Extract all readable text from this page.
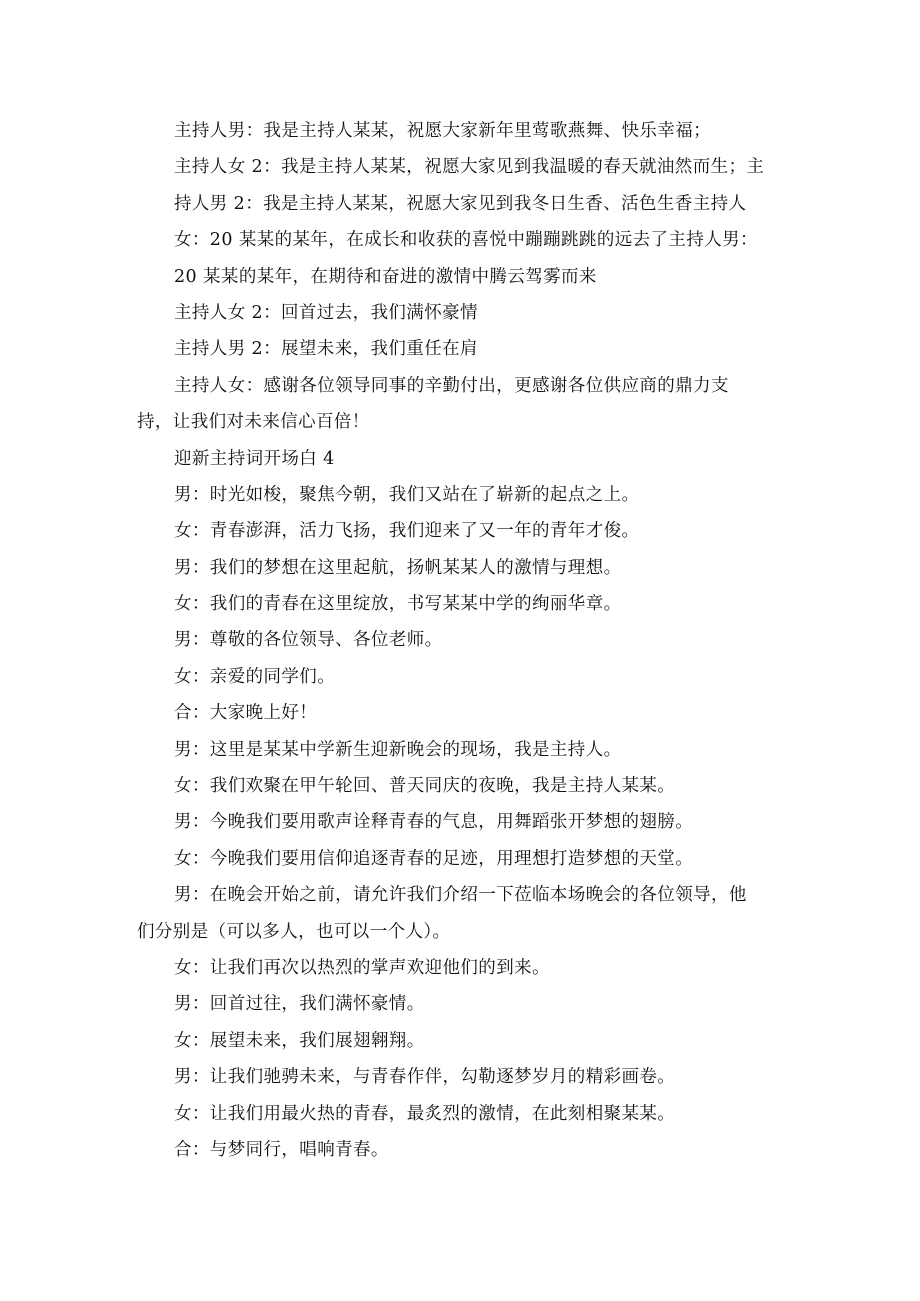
主持人男：我是主持人某某，祝愿大家新年里莺歌燕舞、快乐幸福；
主持人女 2：我是主持人某某，祝愿大家见到我温暖的春天就油然而生；主
持人男 2：我是主持人某某，祝愿大家见到我冬日生香、活色生香主持人
女：20 某某的某年，在成长和收获的喜悦中蹦蹦跳跳的远去了主持人男：
20 某某的某年，在期待和奋进的激情中腾云驾雾而来
主持人女 2：回首过去，我们满怀豪情
主持人男 2：展望未来，我们重任在肩
主持人女：感谢各位领导同事的辛勤付出，更感谢各位供应商的鼎力支
持，让我们对未来信心百倍！
迎新主持词开场白 4
男：时光如梭，聚焦今朝，我们又站在了崭新的起点之上。
女：青春澎湃，活力飞扬，我们迎来了又一年的青年才俊。
男：我们的梦想在这里起航，扬帆某某人的激情与理想。
女：我们的青春在这里绽放，书写某某中学的绚丽华章。
男：尊敬的各位领导、各位老师。
女：亲爱的同学们。
合：大家晚上好！
男：这里是某某中学新生迎新晚会的现场，我是主持人。
女：我们欢聚在甲午轮回、普天同庆的夜晚，我是主持人某某。
男：今晚我们要用歌声诠释青春的气息，用舞蹈张开梦想的翅膀。
女：今晚我们要用信仰追逐青春的足迹，用理想打造梦想的天堂。
男：在晚会开始之前，请允许我们介绍一下莅临本场晚会的各位领导，他
们分别是（可以多人，也可以一个人）。
女：让我们再次以热烈的掌声欢迎他们的到来。
男：回首过往，我们满怀豪情。
女：展望未来，我们展翅翱翔。
男：让我们驰骋未来，与青春作伴，勾勒逐梦岁月的精彩画卷。
女：让我们用最火热的青春，最炙烈的激情，在此刻相聚某某。
合：与梦同行，唱响青春。
